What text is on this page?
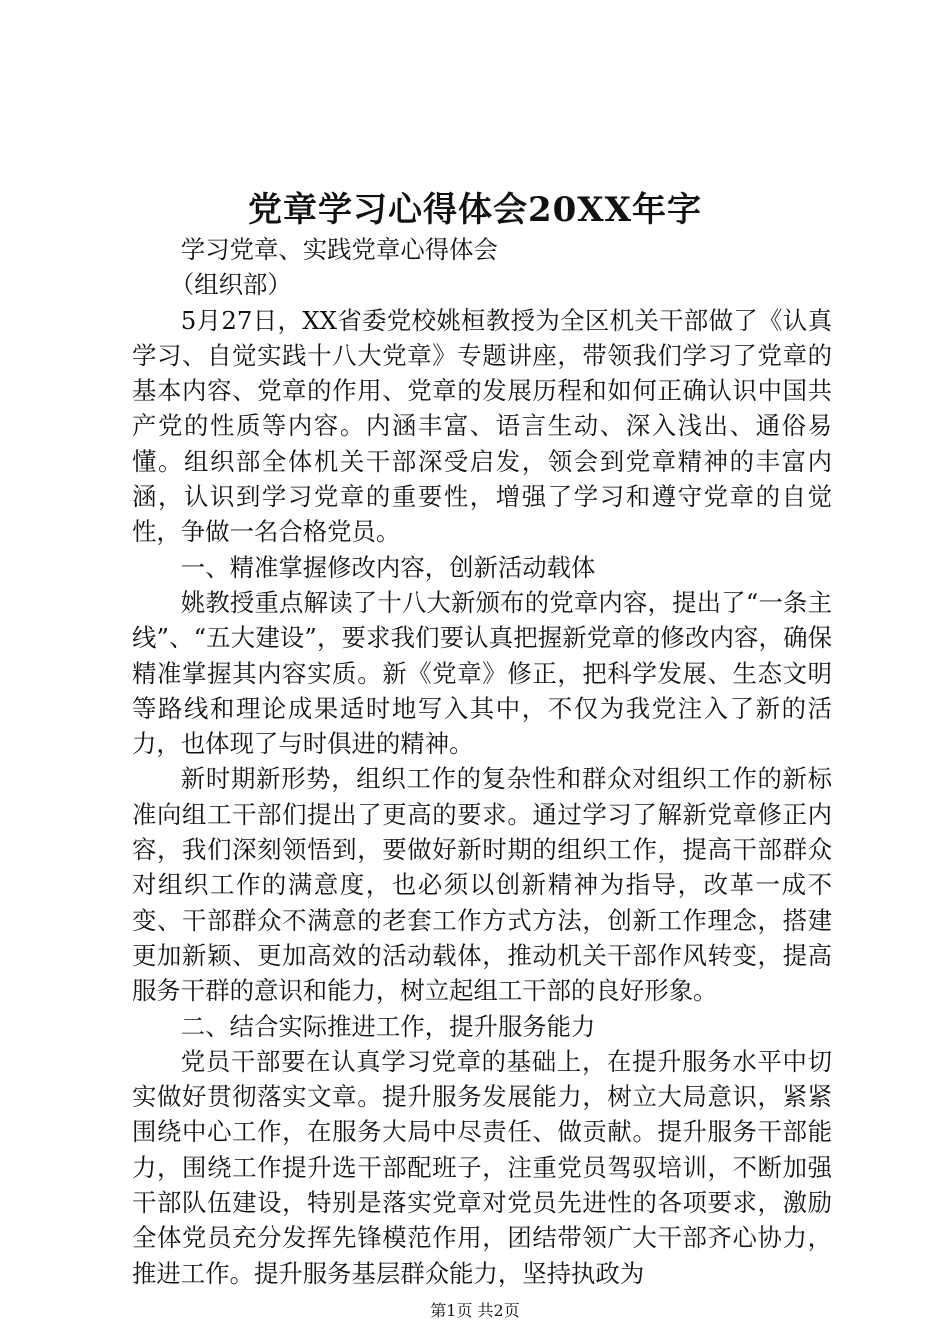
党章学习心得体会20XX年字

学习党章、实践党章心得体会

（组织部）

5月27日，XX省委党校姚桓教授为全区机关干部做了《认真学习、自觉实践十八大党章》专题讲座，带领我们学习了党章的基本内容、党章的作用、党章的发展历程和如何正确认识中国共产党的性质等内容。内涵丰富、语言生动、深入浅出、通俗易懂。组织部全体机关干部深受启发，领会到党章精神的丰富内涵，认识到学习党章的重要性，增强了学习和遵守党章的自觉性，争做一名合格党员。

一、精准掌握修改内容，创新活动载体

姚教授重点解读了十八大新颁布的党章内容，提出了“一条主线”、“五大建设”，要求我们要认真把握新党章的修改内容，确保精准掌握其内容实质。新《党章》修正，把科学发展、生态文明等路线和理论成果适时地写入其中，不仅为我党注入了新的活力，也体现了与时俱进的精神。

新时期新形势，组织工作的复杂性和群众对组织工作的新标准向组工干部们提出了更高的要求。通过学习了解新党章修正内容，我们深刻领悟到，要做好新时期的组织工作，提高干部群众对组织工作的满意度，也必须以创新精神为指导，改革一成不变、干部群众不满意的老套工作方式方法，创新工作理念，搭建更加新颖、更加高效的活动载体，推动机关干部作风转变，提高服务干群的意识和能力，树立起组工干部的良好形象。

二、结合实际推进工作，提升服务能力

党员干部要在认真学习党章的基础上，在提升服务水平中切实做好贯彻落实文章。提升服务发展能力，树立大局意识，紧紧围绕中心工作，在服务大局中尽责任、做贡献。提升服务干部能力，围绕工作提升选干部配班子，注重党员驾驭培训，不断加强干部队伍建设，特别是落实党章对党员先进性的各项要求，激励全体党员充分发挥先锋模范作用，团结带领广大干部齐心协力，推进工作。提升服务基层群众能力，坚持执政为

第1页 共2页
